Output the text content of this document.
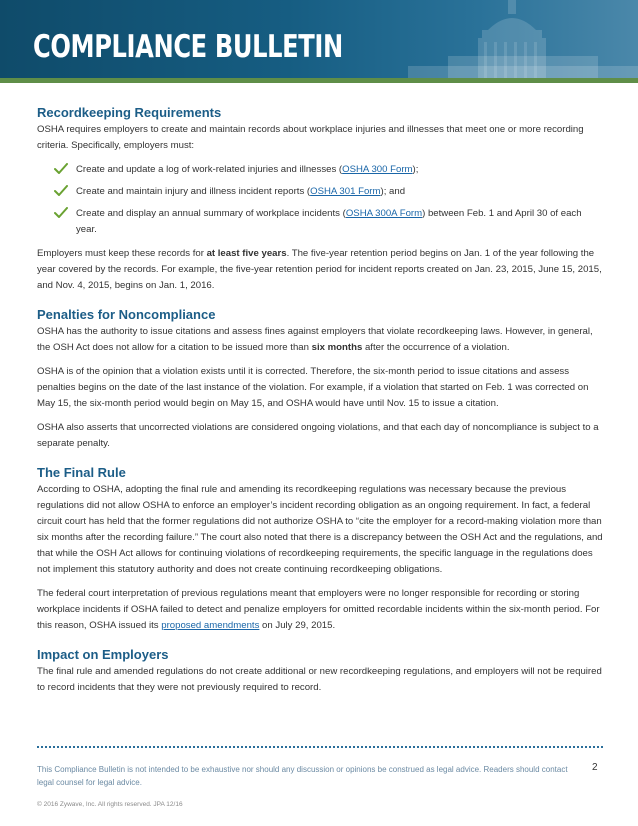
COMPLIANCE BULLETIN
Recordkeeping Requirements

OSHA requires employers to create and maintain records about workplace injuries and illnesses that meet one or more recording criteria. Specifically, employers must:

Create and update a log of work-related injuries and illnesses (OSHA 300 Form);
Create and maintain injury and illness incident reports (OSHA 301 Form); and
Create and display an annual summary of workplace incidents (OSHA 300A Form) between Feb. 1 and April 30 of each year.

Employers must keep these records for at least five years. The five-year retention period begins on Jan. 1 of the year following the year covered by the records. For example, the five-year retention period for incident reports created on Jan. 23, 2015, June 15, 2015, and Nov. 4, 2015, begins on Jan. 1, 2016.

Penalties for Noncompliance

OSHA has the authority to issue citations and assess fines against employers that violate recordkeeping laws. However, in general, the OSH Act does not allow for a citation to be issued more than six months after the occurrence of a violation.

OSHA is of the opinion that a violation exists until it is corrected. Therefore, the six-month period to issue citations and assess penalties begins on the date of the last instance of the violation. For example, if a violation that started on Feb. 1 was corrected on May 15, the six-month period would begin on May 15, and OSHA would have until Nov. 15 to issue a citation.

OSHA also asserts that uncorrected violations are considered ongoing violations, and that each day of noncompliance is subject to a separate penalty.

The Final Rule

According to OSHA, adopting the final rule and amending its recordkeeping regulations was necessary because the previous regulations did not allow OSHA to enforce an employer’s incident recording obligation as an ongoing requirement. In fact, a federal circuit court has held that the former regulations did not authorize OSHA to “cite the employer for a record-making violation more than six months after the recording failure.” The court also noted that there is a discrepancy between the OSH Act and the regulations, and that while the OSH Act allows for continuing violations of recordkeeping requirements, the specific language in the regulations does not implement this statutory authority and does not create continuing recordkeeping obligations.

The federal court interpretation of previous regulations meant that employers were no longer responsible for recording or storing workplace incidents if OSHA failed to detect and penalize employers for omitted recordable incidents within the six-month period. For this reason, OSHA issued its proposed amendments on July 29, 2015.

Impact on Employers

The final rule and amended regulations do not create additional or new recordkeeping regulations, and employers will not be required to record incidents that they were not previously required to record.

This Compliance Bulletin is not intended to be exhaustive nor should any discussion or opinions be construed as legal advice. Readers should contact legal counsel for legal advice.
2
© 2016 Zywave, Inc. All rights reserved. JPA 12/16
